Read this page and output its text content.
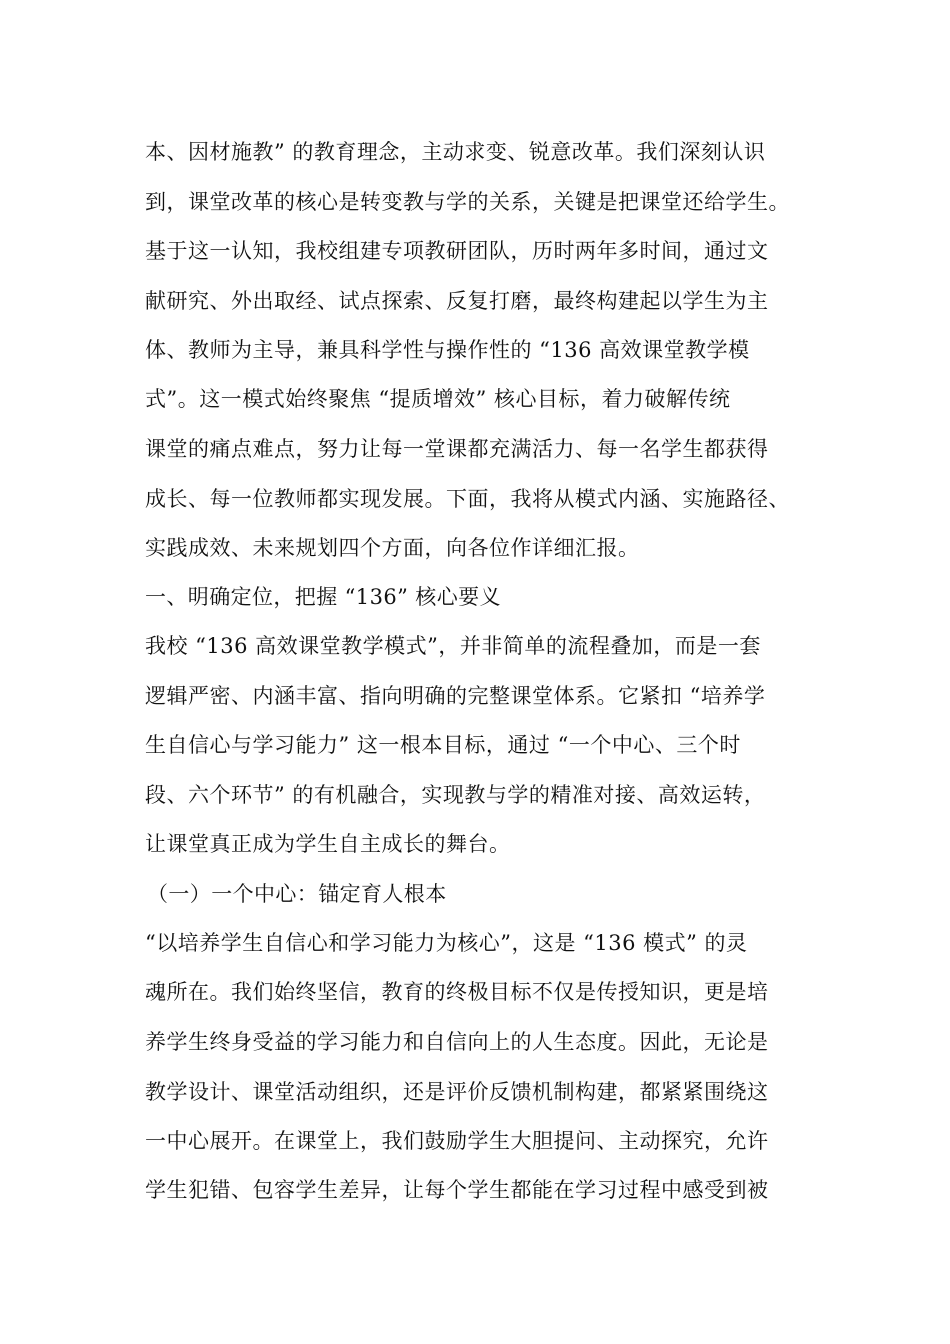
本、因材施教” 的教育理念，主动求变、锐意改革。我们深刻认识
到，课堂改革的核心是转变教与学的关系，关键是把课堂还给学生。
基于这一认知，我校组建专项教研团队，历时两年多时间，通过文
献研究、外出取经、试点探索、反复打磨，最终构建起以学生为主
体、教师为主导，兼具科学性与操作性的 “136 高效课堂教学模
式”。这一模式始终聚焦 “提质增效” 核心目标，着力破解传统
课堂的痛点难点，努力让每一堂课都充满活力、每一名学生都获得
成长、每一位教师都实现发展。下面，我将从模式内涵、实施路径、
实践成效、未来规划四个方面，向各位作详细汇报。
一、明确定位，把握 “136” 核心要义
我校 “136 高效课堂教学模式”，并非简单的流程叠加，而是一套
逻辑严密、内涵丰富、指向明确的完整课堂体系。它紧扣 “培养学
生自信心与学习能力” 这一根本目标，通过 “一个中心、三个时
段、六个环节” 的有机融合，实现教与学的精准对接、高效运转，
让课堂真正成为学生自主成长的舞台。
（一）一个中心：锚定育人根本
“以培养学生自信心和学习能力为核心”，这是 “136 模式” 的灵
魂所在。我们始终坚信，教育的终极目标不仅是传授知识，更是培
养学生终身受益的学习能力和自信向上的人生态度。因此，无论是
教学设计、课堂活动组织，还是评价反馈机制构建，都紧紧围绕这
一中心展开。在课堂上，我们鼓励学生大胆提问、主动探究，允许
学生犯错、包容学生差异，让每个学生都能在学习过程中感受到被
